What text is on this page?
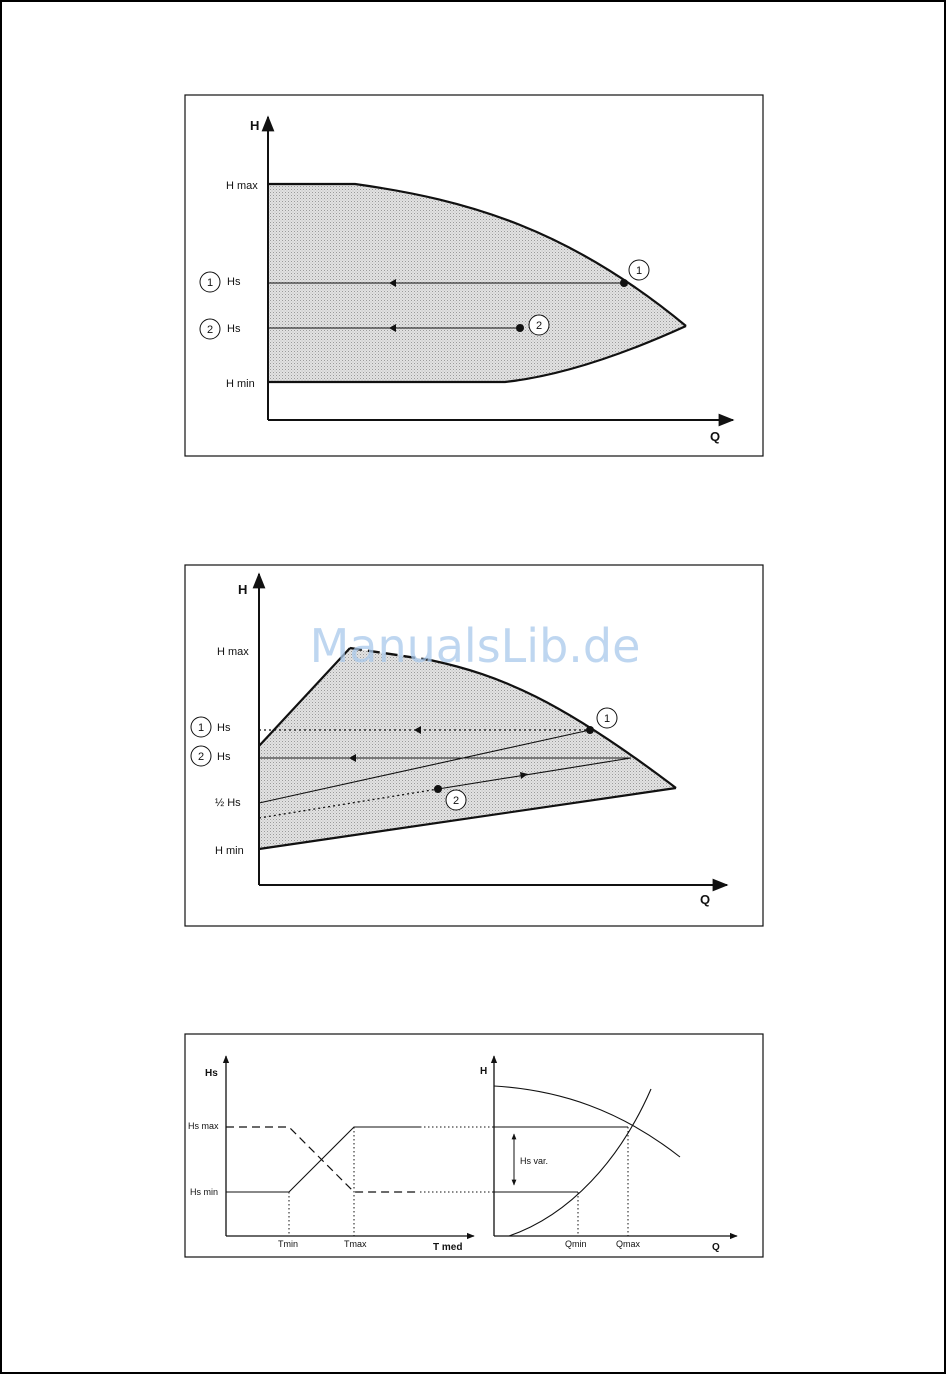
1
2
H
Q
H max
H min
1 Hs
2 Hs
1
2
H
Q
H max
1 Hs
2 Hs
½ Hs
H min
ManualsLib.de
Hs
Hs max
Hs min
Tmin	Tmax	T med
Hs var.
H
Qmin	Qmax	Q
